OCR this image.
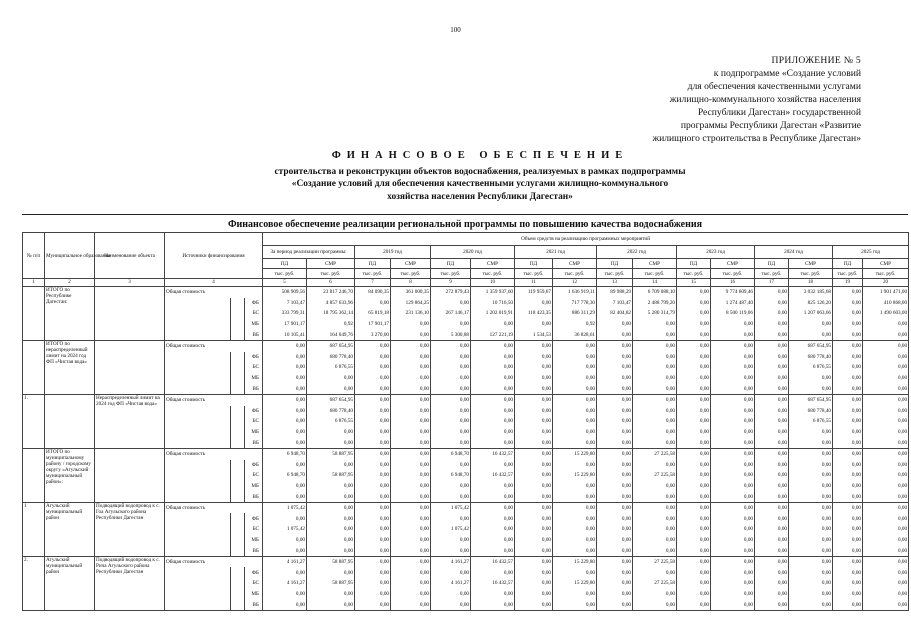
100
ПРИЛОЖЕНИЕ № 5
к подпрограмме «Создание условий
для обеспечения качественными услугами
жилищно-коммунального хозяйства населения
Республики Дагестан» государственной
программы Республики Дагестан «Развитие
жилищного строительства в Республике Дагестан»
ФИНАНСОВОЕ ОБЕСПЕЧЕНИЕ
строительства и реконструкции объектов водоснабжения, реализуемых в рамках подпрограммы
«Создание условий для обеспечения качественными услугами жилищно-коммунального
хозяйства населения Республики Дагестан»
Финансовое обеспечение реализации региональной программы по повышению качества водоснабжения
№ п/п	Муниципальное образование	Наименование объекта	Источники финансирования			Объем средств на реализацию программных мероприятий															
						За период реализации программы:		2019 год		2020 год		2021 год		2022 год		2023 год		2024 год		2025 год	
						ПД	СМР	ПД	СМР	ПД	СМР	ПД	СМР	ПД	СМР	ПД	СМР	ПД	СМР	ПД	СМР
						тыс. руб.	тыс. руб.	тыс. руб.	тыс. руб.	тыс. руб.	тыс. руб.	тыс. руб.	тыс. руб.	тыс. руб.	тыс. руб.	тыс. руб.	тыс. руб.	тыс. руб.	тыс. руб.	тыс. руб.	тыс. руб.
1	2	3	4			5	6	7	8	9	10	11	12	13	14	15	16	17	18	19	20
	ИТОГО по Республике Дагестан:		Общая стоимость			508 909,56	23 817 246,70	84 090,35	361 000,35	272 879,43	1 359 937,60	119 959,67	1 636 919,11	89 988,29	6 709 088,10	0,00	9 774 609,46	0,00	3 032 185,68	0,00	1 901 471,00
					ФБ	7 103,47	4 857 633,96	0,00	129 864,25	0,00	10 716,50	0,00	717 778,30	7 103,47	2 488 799,20	0,00	1 274 487,40	0,00	825 126,20	0,00	410 868,00
					БС	333 799,31	18 795 362,14	65 819,18	231 136,10	267 146,17	1 202 019,91	118 423,35	886 311,29	82 404,82	5 280 314,79	0,00	8 500 119,06	0,00	1 207 063,66	0,00	1 490 603,00
					МБ	17 901,17	0,92	17 901,17	0,00	0,00	0,00	0,00	0,92	0,00	0,00	0,00	0,00	0,00	0,00	0,00	0,00
					ВБ	10 105,41	164 049,76	3 270,00	0,00	5 300,88	127 221,19	1 534,53	36 828,61	0,00	0,00	0,00	0,00	0,00	0,00	0,00	0,00
	ИТОГО по нераспределенный лимит на 2024 год ФП «Чистая вода»		Общая стоимость			0,00	687 654,95	0,00	0,00	0,00	0,00	0,00	0,00	0,00	0,00	0,00	0,00	0,00	687 654,95	0,00	0,00
					ФБ	0,00	680 778,40	0,00	0,00	0,00	0,00	0,00	0,00	0,00	0,00	0,00	0,00	0,00	680 778,40	0,00	0,00
					БС	0,00	6 876,55	0,00	0,00	0,00	0,00	0,00	0,00	0,00	0,00	0,00	0,00	0,00	6 876,55	0,00	0,00
					МБ	0,00	0,00	0,00	0,00	0,00	0,00	0,00	0,00	0,00	0,00	0,00	0,00	0,00	0,00	0,00	0,00
					ВБ	0,00	0,00	0,00	0,00	0,00	0,00	0,00	0,00	0,00	0,00	0,00	0,00	0,00	0,00	0,00	0,00
1.		Нераспределенный лимит на 2024 год ФП «Чистая вода»	Общая стоимость			0,00	687 654,95	0,00	0,00	0,00	0,00	0,00	0,00	0,00	0,00	0,00	0,00	0,00	687 654,95	0,00	0,00
					ФБ	0,00	680 778,40	0,00	0,00	0,00	0,00	0,00	0,00	0,00	0,00	0,00	0,00	0,00	680 778,40	0,00	0,00
					БС	0,00	6 876,55	0,00	0,00	0,00	0,00	0,00	0,00	0,00	0,00	0,00	0,00	0,00	6 876,55	0,00	0,00
					МБ	0,00	0,00	0,00	0,00	0,00	0,00	0,00	0,00	0,00	0,00	0,00	0,00	0,00	0,00	0,00	0,00
					ВБ	0,00	0,00	0,00	0,00	0,00	0,00	0,00	0,00	0,00	0,00	0,00	0,00	0,00	0,00	0,00	0,00
	ИТОГО по муниципальному району / городскому округу «Агульский муниципальный район»:		Общая стоимость			6 948,70	58 887,95	0,00	0,00	6 948,70	16 432,57	0,00	15 229,80	0,00	27 225,58	0,00	0,00	0,00	0,00	0,00	0,00
					ФБ	0,00	0,00	0,00	0,00	0,00	0,00	0,00	0,00	0,00	0,00	0,00	0,00	0,00	0,00	0,00	0,00
					БС	6 948,70	58 887,95	0,00	0,00	6 948,70	16 432,57	0,00	15 229,80	0,00	27 225,58	0,00	0,00	0,00	0,00	0,00	0,00
					МБ	0,00	0,00	0,00	0,00	0,00	0,00	0,00	0,00	0,00	0,00	0,00	0,00	0,00	0,00	0,00	0,00
					ВБ	0,00	0,00	0,00	0,00	0,00	0,00	0,00	0,00	0,00	0,00	0,00	0,00	0,00	0,00	0,00	0,00
1	Агульский муниципальный район	Подводящий водопровод к с. Гоа Агульского района Республики Дагестан	Общая стоимость			1 075,42	0,00	0,00	0,00	1 075,42	0,00	0,00	0,00	0,00	0,00	0,00	0,00	0,00	0,00	0,00	0,00
					ФБ	0,00	0,00	0,00	0,00	0,00	0,00	0,00	0,00	0,00	0,00	0,00	0,00	0,00	0,00	0,00	0,00
					БС	1 075,42	0,00	0,00	0,00	1 075,42	0,00	0,00	0,00	0,00	0,00	0,00	0,00	0,00	0,00	0,00	0,00
					МБ	0,00	0,00	0,00	0,00	0,00	0,00	0,00	0,00	0,00	0,00	0,00	0,00	0,00	0,00	0,00	0,00
					ВБ	0,00	0,00	0,00	0,00	0,00	0,00	0,00	0,00	0,00	0,00	0,00	0,00	0,00	0,00	0,00	0,00
2.	Агульский муниципальный район	Подводящий водопровод к с. Рича Агульского района Республики Дагестан	Общая стоимость			4 161,27	58 887,95	0,00	0,00	4 161,27	16 432,57	0,00	15 229,80	0,00	27 225,58	0,00	0,00	0,00	0,00	0,00	0,00
					ФБ	0,00	0,00	0,00	0,00	0,00	0,00	0,00	0,00	0,00	0,00	0,00	0,00	0,00	0,00	0,00	0,00
					БС	4 161,27	58 887,95	0,00	0,00	4 161,27	16 432,57	0,00	15 229,80	0,00	27 225,58	0,00	0,00	0,00	0,00	0,00	0,00
					МБ	0,00	0,00	0,00	0,00	0,00	0,00	0,00	0,00	0,00	0,00	0,00	0,00	0,00	0,00	0,00	0,00
					ВБ	0,00	0,00	0,00	0,00	0,00	0,00	0,00	0,00	0,00	0,00	0,00	0,00	0,00	0,00	0,00	0,00
